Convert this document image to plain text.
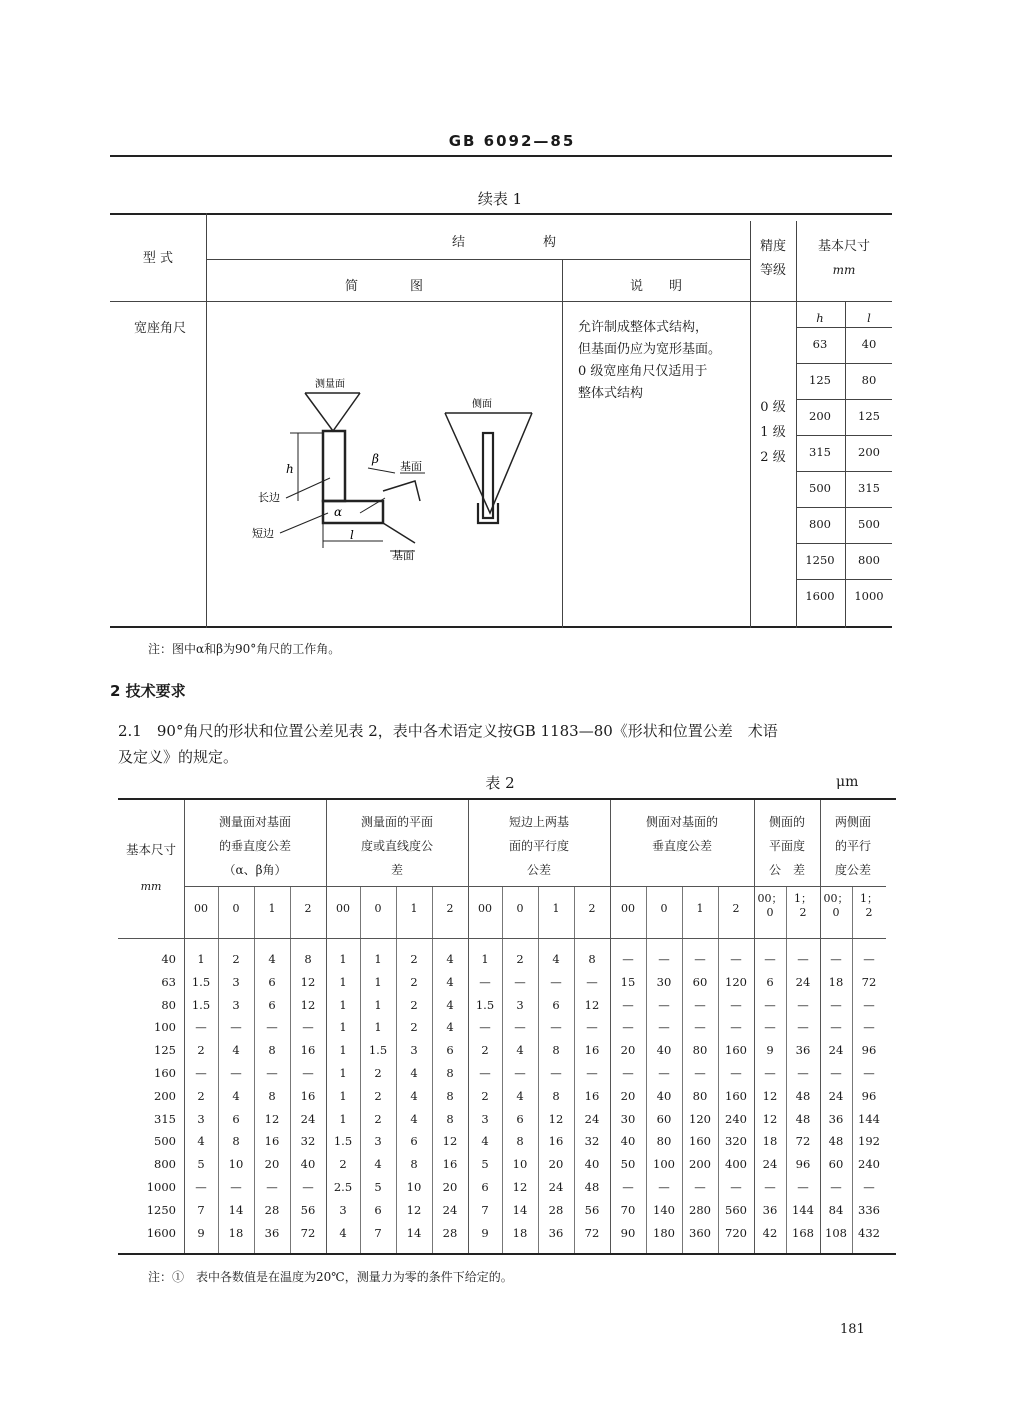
GB 6092—85
续表 1
型 式
结　　　　　　构
简　　　　图	说　　明
精度
等级
基本尺寸
mm
宽座角尺	允许制成整体式结构，
但基面仍应为宽形基面。
0 级宽座角尺仅适用于
整体式结构
0 级
1 级
2 级
h	l
63	40
125	80
200	125
315	200
500	315
800	500
1250	800
1600	1000
测量面
侧面
基面
基面
长边
短边
β
α
h
l
注：图中α和β为90°角尺的工作角。
2 技术要求
2.1　90°角尺的形状和位置公差见表 2，表中各术语定义按GB 1183—80《形状和位置公差　术语
及定义》的规定。
表 2	μm
基本尺寸
mm
测量面对基面
的垂直度公差
（α、β角）
测量面的平面
度或直线度公
差
短边上两基
面的平行度
公差
侧面对基面的
垂直度公差
侧面的
平面度
公　差
两侧面
的平行
度公差
00	0	1	2	00	0	1	2	00	0	1	2	00	0	1	2
00；
0
1；
2
00；
0
1；
2
40	1	2	4	8	1	1	2	4	1	2	4	8	—	—	—	—	—	—	—	—
63	1.5	3	6	12	1	1	2	4	—	—	—	—	15	30	60	120	6	24	18	72
80	1.5	3	6	12	1	1	2	4	1.5	3	6	12	—	—	—	—	—	—	—	—
100	—	—	—	—	1	1	2	4	—	—	—	—	—	—	—	—	—	—	—	—
125	2	4	8	16	1	1.5	3	6	2	4	8	16	20	40	80	160	9	36	24	96
160	—	—	—	—	1	2	4	8	—	—	—	—	—	—	—	—	—	—	—	—
200	2	4	8	16	1	2	4	8	2	4	8	16	20	40	80	160	12	48	24	96
315	3	6	12	24	1	2	4	8	3	6	12	24	30	60	120	240	12	48	36	144
500	4	8	16	32	1.5	3	6	12	4	8	16	32	40	80	160	320	18	72	48	192
800	5	10	20	40	2	4	8	16	5	10	20	40	50	100	200	400	24	96	60	240
1000	—	—	—	—	2.5	5	10	20	6	12	24	48	—	—	—	—	—	—	—	—
1250	7	14	28	56	3	6	12	24	7	14	28	56	70	140	280	560	36	144	84	336
1600	9	18	36	72	4	7	14	28	9	18	36	72	90	180	360	720	42	168 108 432
注：①　表中各数值是在温度为20℃，测量力为零的条件下给定的。
181
